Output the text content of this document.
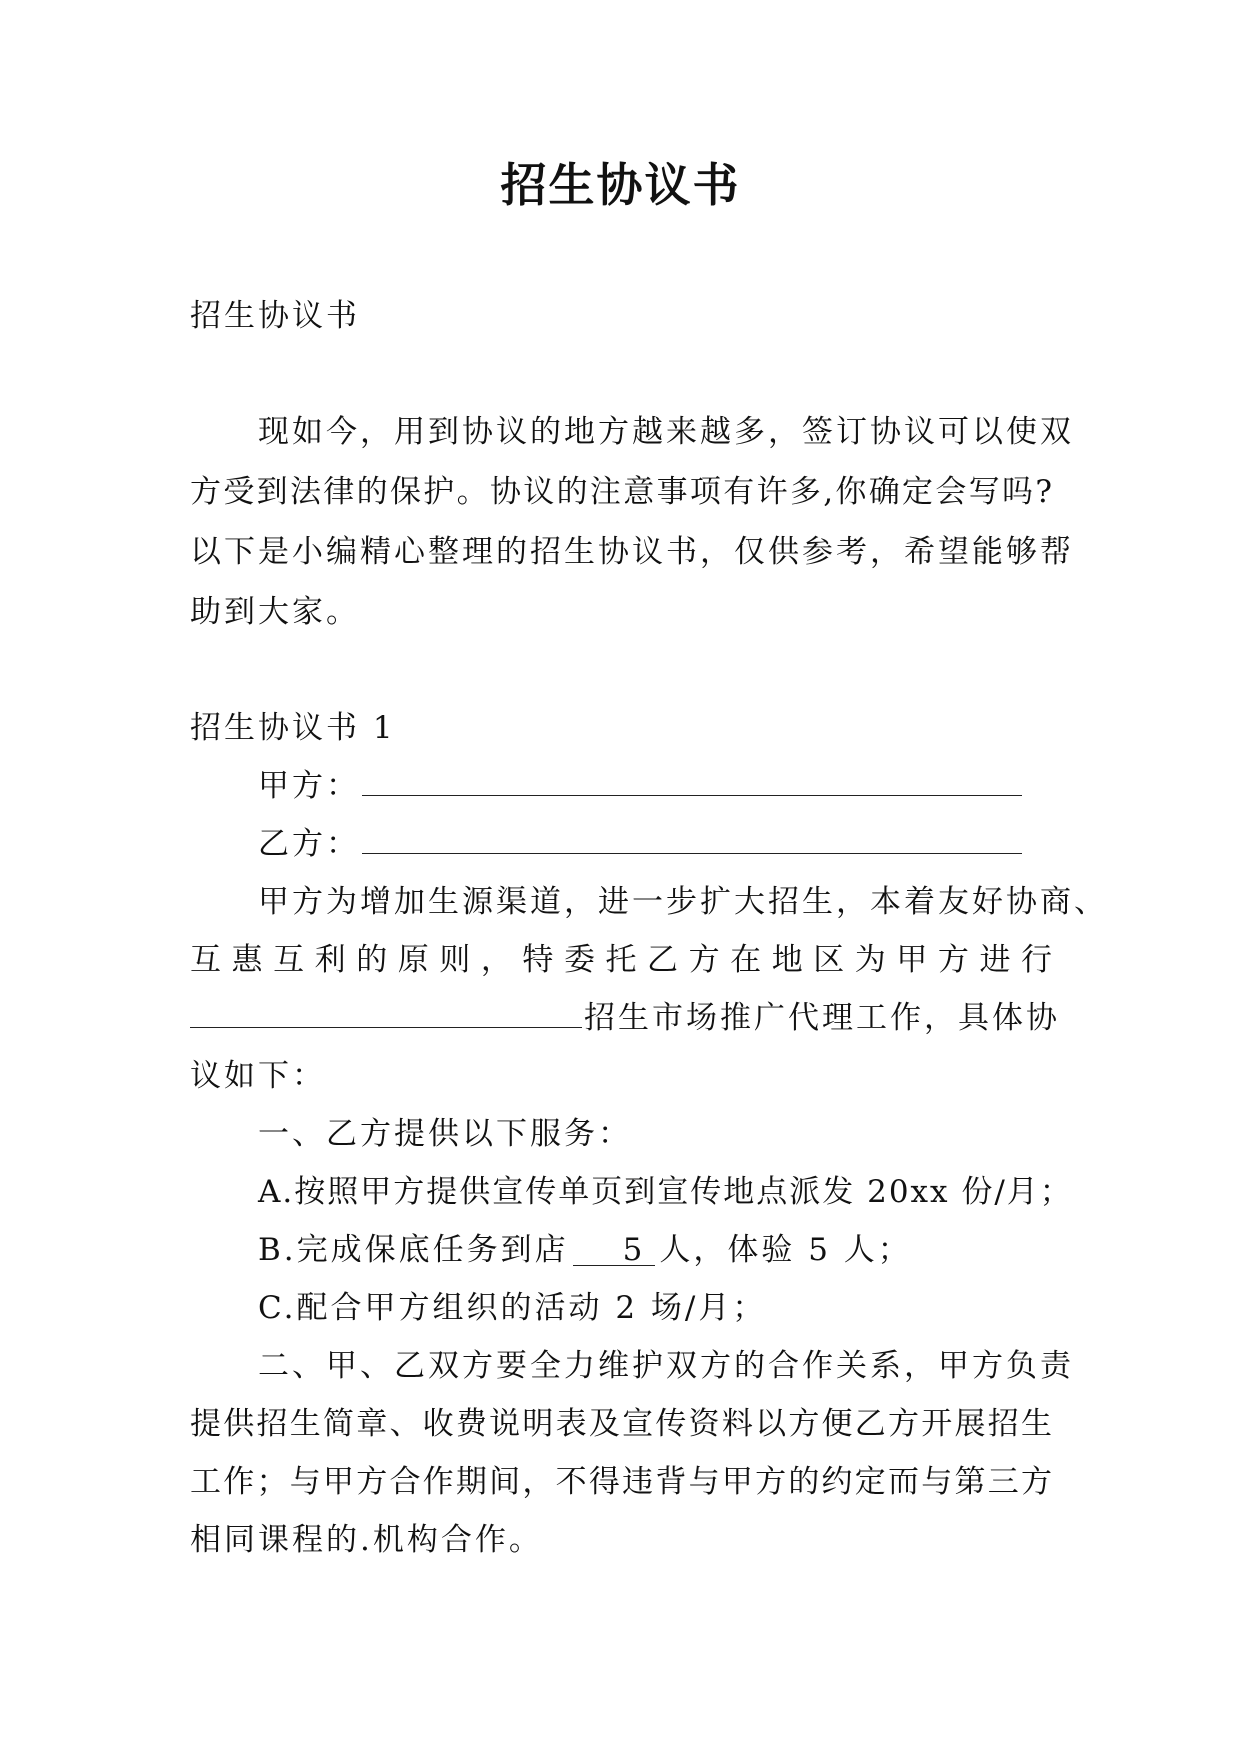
招生协议书
招生协议书
现如今，用到协议的地方越来越多，签订协议可以使双
方受到法律的保护。协议的注意事项有许多,你确定会写吗?
以下是小编精心整理的招生协议书，仅供参考，希望能够帮
助到大家。
招生协议书 1
甲方：
乙方：
甲方为增加生源渠道，进一步扩大招生，本着友好协商、
互惠互利的原则，特委托乙方在地区为甲方进行
招生市场推广代理工作，具体协
议如下：
一、乙方提供以下服务：
A.按照甲方提供宣传单页到宣传地点派发 20xx 份/月；
B.完成保底任务到店 5 人，体验 5 人；
C.配合甲方组织的活动 2 场/月；
二、甲、乙双方要全力维护双方的合作关系，甲方负责
提供招生简章、收费说明表及宣传资料以方便乙方开展招生
工作；与甲方合作期间，不得违背与甲方的约定而与第三方
相同课程的.机构合作。
